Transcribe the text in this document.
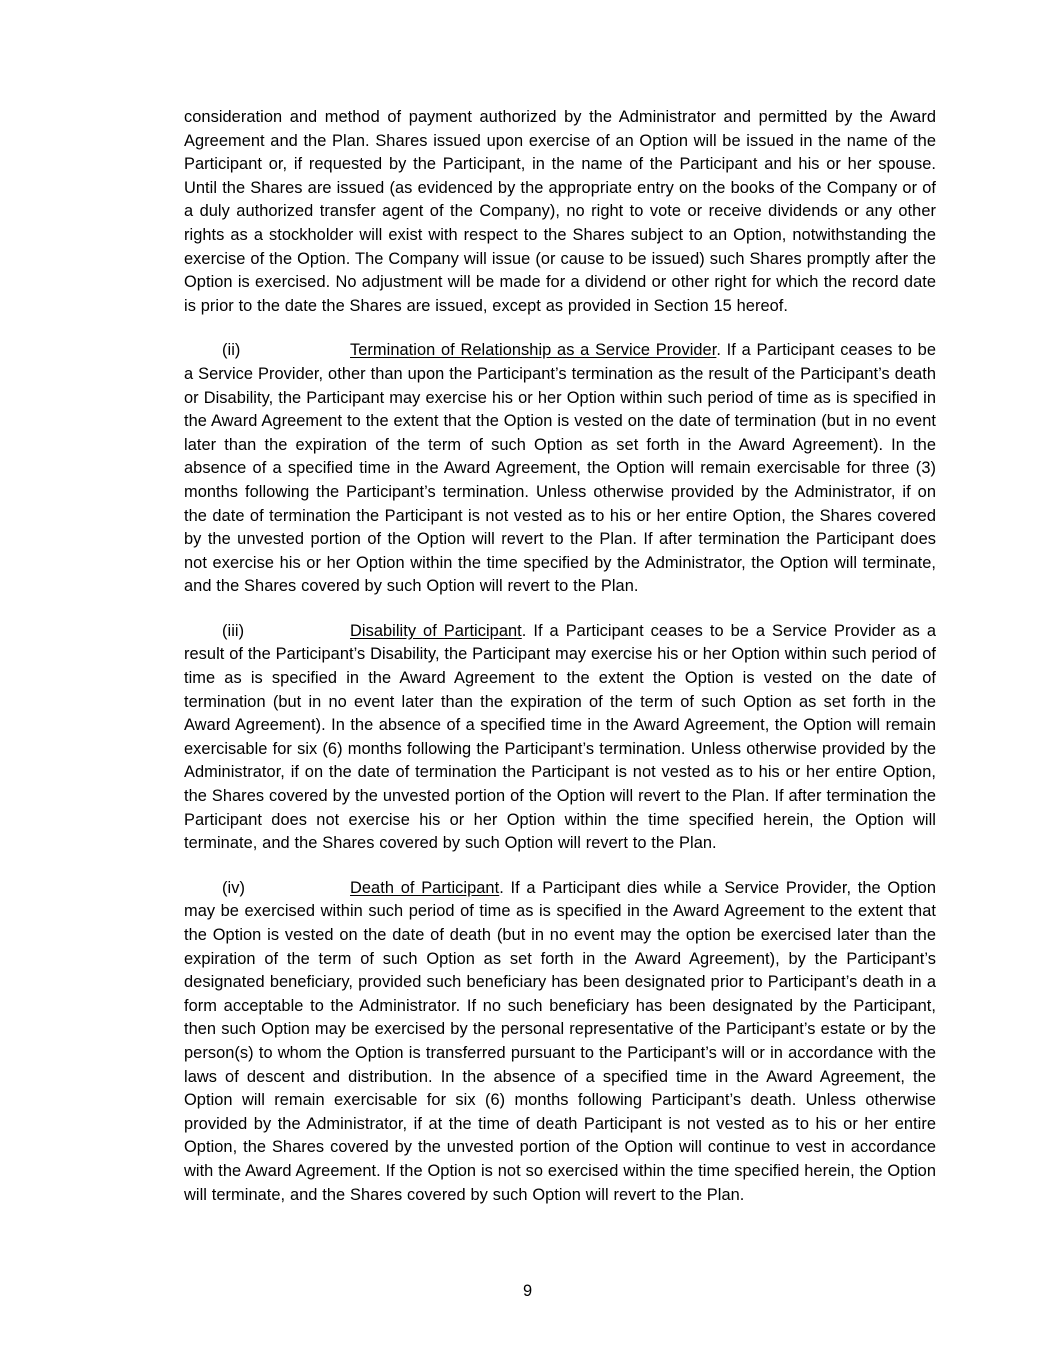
consideration and method of payment authorized by the Administrator and permitted by the Award Agreement and the Plan. Shares issued upon exercise of an Option will be issued in the name of the Participant or, if requested by the Participant, in the name of the Participant and his or her spouse. Until the Shares are issued (as evidenced by the appropriate entry on the books of the Company or of a duly authorized transfer agent of the Company), no right to vote or receive dividends or any other rights as a stockholder will exist with respect to the Shares subject to an Option, notwithstanding the exercise of the Option. The Company will issue (or cause to be issued) such Shares promptly after the Option is exercised. No adjustment will be made for a dividend or other right for which the record date is prior to the date the Shares are issued, except as provided in Section 15 hereof.

(ii)	Termination of Relationship as a Service Provider. If a Participant ceases to be a Service Provider, other than upon the Participant’s termination as the result of the Participant’s death or Disability, the Participant may exercise his or her Option within such period of time as is specified in the Award Agreement to the extent that the Option is vested on the date of termination (but in no event later than the expiration of the term of such Option as set forth in the Award Agreement). In the absence of a specified time in the Award Agreement, the Option will remain exercisable for three (3) months following the Participant’s termination. Unless otherwise provided by the Administrator, if on the date of termination the Participant is not vested as to his or her entire Option, the Shares covered by the unvested portion of the Option will revert to the Plan. If after termination the Participant does not exercise his or her Option within the time specified by the Administrator, the Option will terminate, and the Shares covered by such Option will revert to the Plan.

(iii)	Disability of Participant. If a Participant ceases to be a Service Provider as a result of the Participant’s Disability, the Participant may exercise his or her Option within such period of time as is specified in the Award Agreement to the extent the Option is vested on the date of termination (but in no event later than the expiration of the term of such Option as set forth in the Award Agreement). In the absence of a specified time in the Award Agreement, the Option will remain exercisable for six (6) months following the Participant’s termination. Unless otherwise provided by the Administrator, if on the date of termination the Participant is not vested as to his or her entire Option, the Shares covered by the unvested portion of the Option will revert to the Plan. If after termination the Participant does not exercise his or her Option within the time specified herein, the Option will terminate, and the Shares covered by such Option will revert to the Plan.

(iv)	Death of Participant. If a Participant dies while a Service Provider, the Option may be exercised within such period of time as is specified in the Award Agreement to the extent that the Option is vested on the date of death (but in no event may the option be exercised later than the expiration of the term of such Option as set forth in the Award Agreement), by the Participant’s designated beneficiary, provided such beneficiary has been designated prior to Participant’s death in a form acceptable to the Administrator. If no such beneficiary has been designated by the Participant, then such Option may be exercised by the personal representative of the Participant’s estate or by the person(s) to whom the Option is transferred pursuant to the Participant’s will or in accordance with the laws of descent and distribution. In the absence of a specified time in the Award Agreement, the Option will remain exercisable for six (6) months following Participant’s death. Unless otherwise provided by the Administrator, if at the time of death Participant is not vested as to his or her entire Option, the Shares covered by the unvested portion of the Option will continue to vest in accordance with the Award Agreement. If the Option is not so exercised within the time specified herein, the Option will terminate, and the Shares covered by such Option will revert to the Plan.

9
